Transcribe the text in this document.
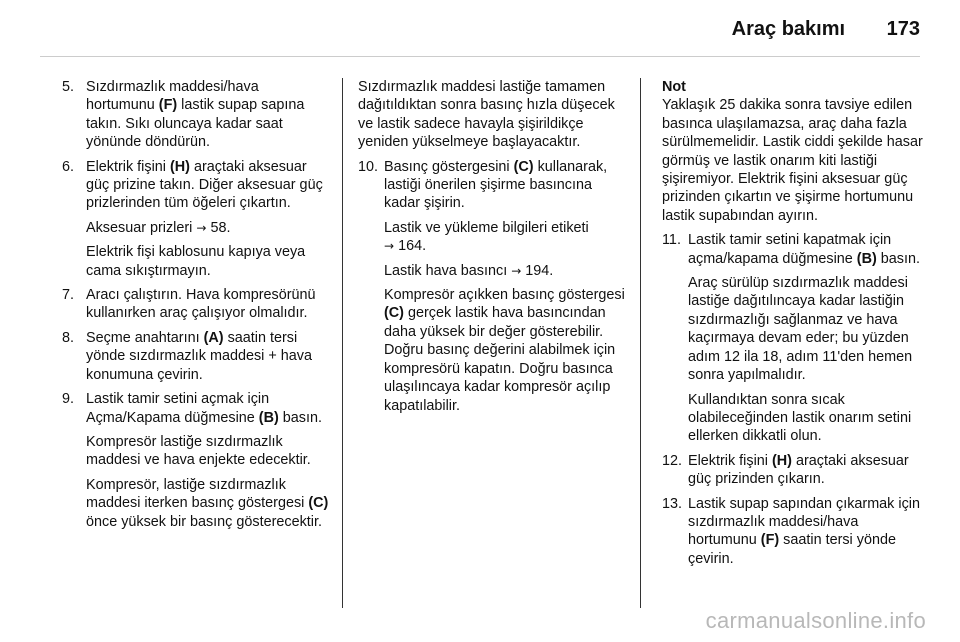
Araç bakımı 173
5. Sızdırmazlık maddesi/hava hortumunu (F) lastik supap sapına takın. Sıkı oluncaya kadar saat yönünde döndürün.

6. Elektrik fişini (H) araçtaki aksesuar güç prizine takın. Diğer aksesuar güç prizlerinden tüm öğeleri çıkartın.

Aksesuar prizleri → 58.

Elektrik fişi kablosunu kapıya veya cama sıkıştırmayın.

7. Aracı çalıştırın. Hava kompresörünü kullanırken araç çalışıyor olmalıdır.

8. Seçme anahtarını (A) saatin tersi yönde sızdırmazlık maddesi + hava konumuna çevirin.

9. Lastik tamir setini açmak için Açma/Kapama düğmesine (B) basın.

Kompresör lastiğe sızdırmazlık maddesi ve hava enjekte edecektir.

Kompresör, lastiğe sızdırmazlık maddesi iterken basınç göstergesi (C) önce yüksek bir basınç gösterecektir.

Sızdırmazlık maddesi lastiğe tamamen dağıtıldıktan sonra basınç hızla düşecek ve lastik sadece havayla şişirildikçe yeniden yükselmeye başlayacaktır.

10. Basınç göstergesini (C) kullanarak, lastiği önerilen şişirme basıncına kadar şişirin.

Lastik ve yükleme bilgileri etiketi
→ 164.

Lastik hava basıncı → 194.

Kompresör açıkken basınç göstergesi (C) gerçek lastik hava basıncından daha yüksek bir değer gösterebilir. Doğru basınç değerini alabilmek için kompresörü kapatın. Doğru basınca ulaşılıncaya kadar kompresör açılıp kapatılabilir.

Not

Yaklaşık 25 dakika sonra tavsiye edilen basınca ulaşılamazsa, araç daha fazla sürülmemelidir. Lastik ciddi şekilde hasar görmüş ve lastik onarım kiti lastiği şişiremiyor. Elektrik fişini aksesuar güç prizinden çıkartın ve şişirme hortumunu lastik supabından ayırın.

11. Lastik tamir setini kapatmak için açma/kapama düğmesine (B) basın.

Araç sürülüp sızdırmazlık maddesi lastiğe dağıtılıncaya kadar lastiğin sızdırmazlığı sağlanmaz ve hava kaçırmaya devam eder; bu yüzden adım 12 ila 18, adım 11'den hemen sonra yapılmalıdır.

Kullandıktan sonra sıcak olabileceğinden lastik onarım setini ellerken dikkatli olun.

12. Elektrik fişini (H) araçtaki aksesuar güç prizinden çıkarın.

13. Lastik supap sapından çıkarmak için sızdırmazlık maddesi/hava hortumunu (F) saatin tersi yönde çevirin.

carmanualsonline.info
